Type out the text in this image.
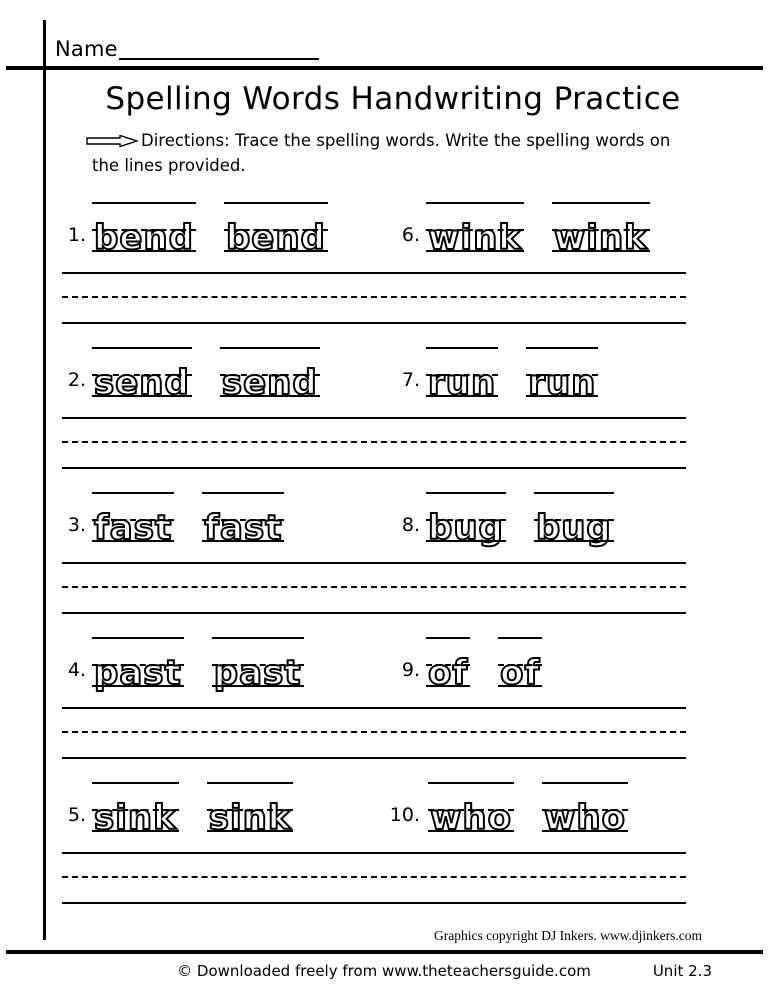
Name
Spelling Words Handwriting Practice
Directions: Trace the spelling words. Write the spelling words on
the lines provided.
1. bend bend
2. send send
3. fast fast
4. past past
5. sink sink
6. wink wink
7. run run
8. bug bug
9. of of
10. who who
Graphics copyright DJ Inkers. www.djinkers.com
© Downloaded freely from www.theteachersguide.com	Unit 2.3
